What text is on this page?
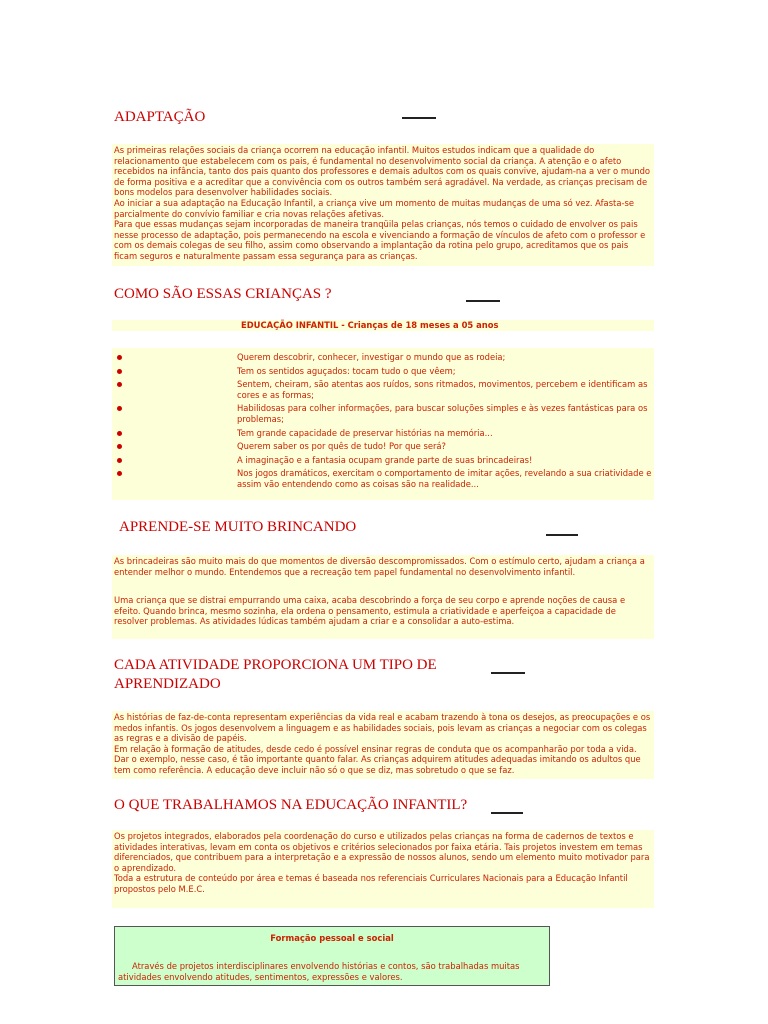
ADAPTAÇÃO

As primeiras relações sociais da criança ocorrem na educação infantil. Muitos estudos indicam que a qualidade do relacionamento que estabelecem com os pais, é fundamental no desenvolvimento social da criança. A atenção e o afeto recebidos na infância, tanto dos pais quanto dos professores e demais adultos com os quais convive, ajudam-na a ver o mundo de forma positiva e a acreditar que a convivência com os outros também será agradável. Na verdade, as crianças precisam de bons modelos para desenvolver habilidades sociais.

Ao iniciar a sua adaptação na Educação Infantil, a criança vive um momento de muitas mudanças de uma só vez. Afasta-se parcialmente do convívio familiar e cria novas relações afetivas.

Para que essas mudanças sejam incorporadas de maneira tranqüila pelas crianças, nós temos o cuidado de envolver os pais nesse processo de adaptação, pois permanecendo na escola e vivenciando a formação de vínculos de afeto com o professor e com os demais colegas de seu filho, assim como observando a implantação da rotina pelo grupo, acreditamos que os pais ficam seguros e naturalmente passam essa segurança para as crianças.

COMO SÃO ESSAS CRIANÇAS ?
EDUCAÇÃO INFANTIL - Crianças de 18 meses a 05 anos
Querem descobrir, conhecer, investigar o mundo que as rodeia;
Tem os sentidos aguçados: tocam tudo o que vêem;
Sentem, cheiram, são atentas aos ruídos, sons ritmados, movimentos, percebem e identificam as cores e as formas;
Habilidosas para colher informações, para buscar soluções simples e às vezes fantásticas para os problemas;
Tem grande capacidade de preservar histórias na memória...
Querem saber os por quês de tudo! Por que será?
A imaginação e a fantasia ocupam grande parte de suas brincadeiras!
Nos jogos dramáticos, exercitam o comportamento de imitar ações, revelando a sua criatividade e assim vão entendendo como as coisas são na realidade...
APRENDE-SE MUITO BRINCANDO

As brincadeiras são muito mais do que momentos de diversão descompromissados. Com o estímulo certo, ajudam a criança a entender melhor o mundo. Entendemos que a recreação tem papel fundamental no desenvolvimento infantil.

Uma criança que se distrai empurrando uma caixa, acaba descobrindo a força de seu corpo e aprende noções de causa e efeito. Quando brinca, mesmo sozinha, ela ordena o pensamento, estimula a criatividade e aperfeiçoa a capacidade de resolver problemas. As atividades lúdicas também ajudam a criar e a consolidar a auto-estima.

CADA ATIVIDADE PROPORCIONA UM TIPO DE
APRENDIZADO

As histórias de faz-de-conta representam experiências da vida real e acabam trazendo à tona os desejos, as preocupações e os medos infantis. Os jogos desenvolvem a linguagem e as habilidades sociais, pois levam as crianças a negociar com os colegas as regras e a divisão de papéis.

Em relação à formação de atitudes, desde cedo é possível ensinar regras de conduta que os acompanharão por toda a vida. Dar o exemplo, nesse caso, é tão importante quanto falar. As crianças adquirem atitudes adequadas imitando os adultos que tem como referência. A educação deve incluir não só o que se diz, mas sobretudo o que se faz.

O QUE TRABALHAMOS NA EDUCAÇÃO INFANTIL?

Os projetos integrados, elaborados pela coordenação do curso e utilizados pelas crianças na forma de cadernos de textos e atividades interativas, levam em conta os objetivos e critérios selecionados por faixa etária. Tais projetos investem em temas diferenciados, que contribuem para a interpretação e a expressão de nossos alunos, sendo um elemento muito motivador para o aprendizado.

Toda a estrutura de conteúdo por área e temas é baseada nos referenciais Curriculares Nacionais para a Educação Infantil propostos pelo M.E.C.

Formação pessoal e social
Através de projetos interdisciplinares envolvendo histórias e contos, são trabalhadas muitas atividades envolvendo atitudes, sentimentos, expressões e valores.
